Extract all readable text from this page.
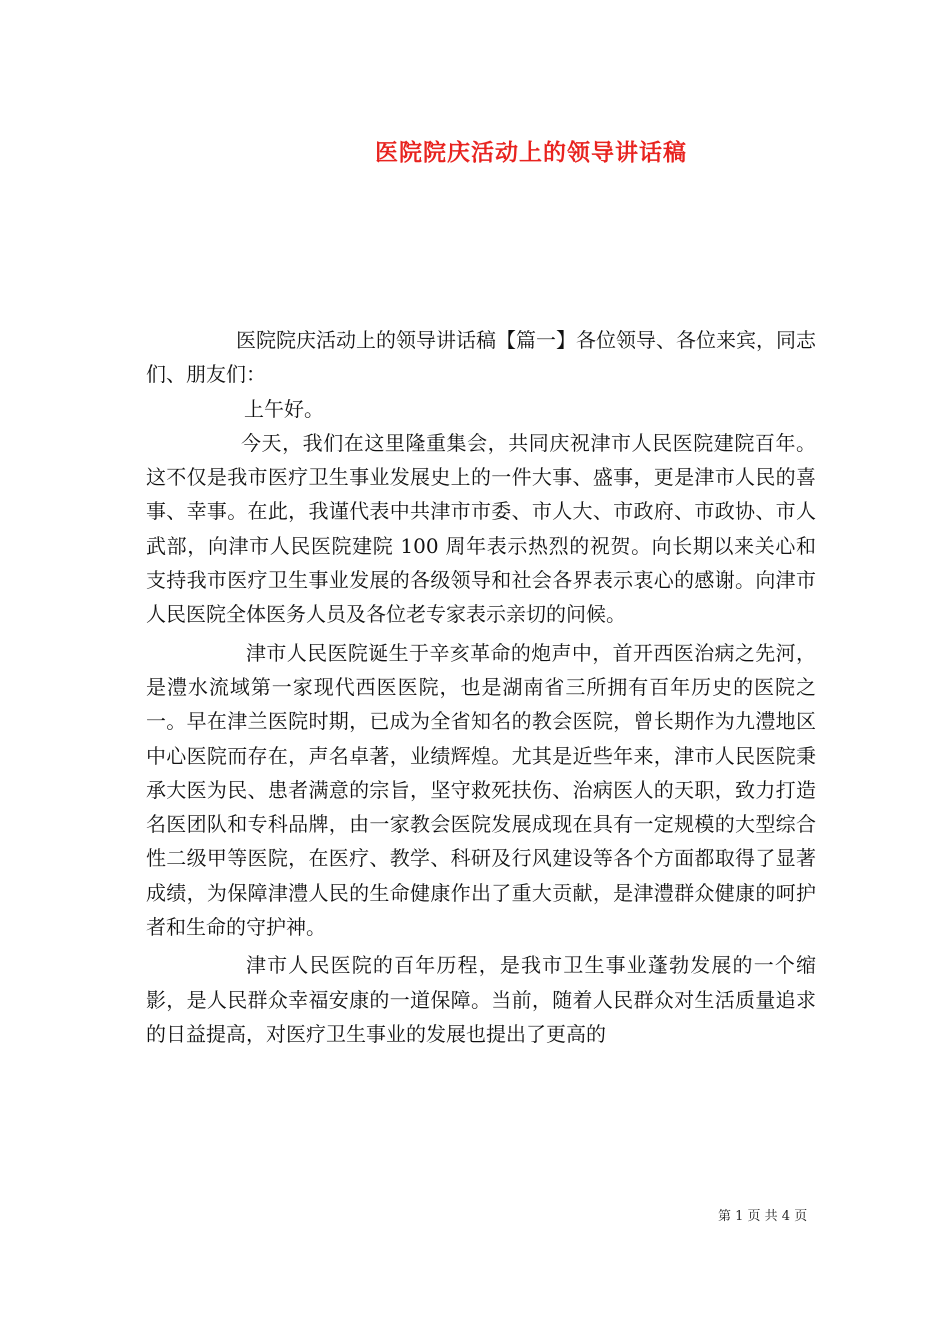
医院院庆活动上的领导讲话稿

医院院庆活动上的领导讲话稿【篇一】各位领导、各位来宾，同志们、朋友们：

上午好。

今天，我们在这里隆重集会，共同庆祝津市人民医院建院百年。这不仅是我市医疗卫生事业发展史上的一件大事、盛事，更是津市人民的喜事、幸事。在此，我谨代表中共津市市委、市人大、市政府、市政协、市人武部，向津市人民医院建院 100 周年表示热烈的祝贺。向长期以来关心和支持我市医疗卫生事业发展的各级领导和社会各界表示衷心的感谢。向津市人民医院全体医务人员及各位老专家表示亲切的问候。

津市人民医院诞生于辛亥革命的炮声中，首开西医治病之先河，是澧水流域第一家现代西医医院，也是湖南省三所拥有百年历史的医院之一。早在津兰医院时期，已成为全省知名的教会医院，曾长期作为九澧地区中心医院而存在，声名卓著，业绩辉煌。尤其是近些年来，津市人民医院秉承大医为民、患者满意的宗旨，坚守救死扶伤、治病医人的天职，致力打造名医团队和专科品牌，由一家教会医院发展成现在具有一定规模的大型综合性二级甲等医院，在医疗、教学、科研及行风建设等各个方面都取得了显著成绩，为保障津澧人民的生命健康作出了重大贡献，是津澧群众健康的呵护者和生命的守护神。

津市人民医院的百年历程，是我市卫生事业蓬勃发展的一个缩影，是人民群众幸福安康的一道保障。当前，随着人民群众对生活质量追求的日益提高，对医疗卫生事业的发展也提出了更高的

第 1 页 共 4 页
